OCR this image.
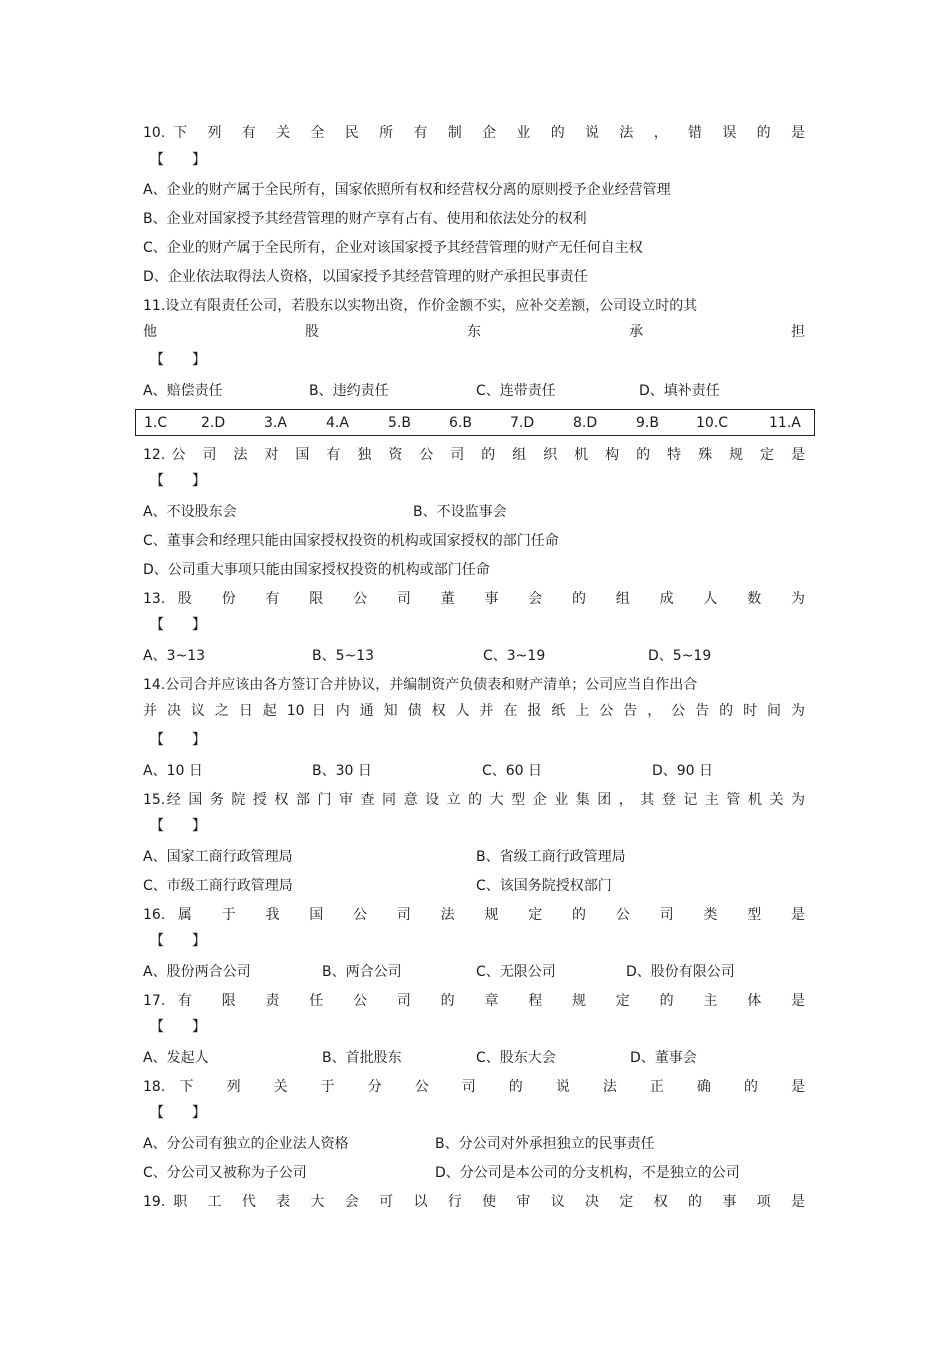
10.下 列 有 关 全 民 所 有 制 企 业 的 说 法 ， 错 误 的 是
【　　】
A、企业的财产属于全民所有，国家依照所有权和经营权分离的原则授予企业经营管理
B、企业对国家授予其经营管理的财产享有占有、使用和依法处分的权利
C、企业的财产属于全民所有，企业对该国家授予其经营管理的财产无任何自主权
D、企业依法取得法人资格，以国家授予其经营管理的财产承担民事责任
11.设立有限责任公司，若股东以实物出资，作价金额不实，应补交差额，公司设立时的其
他 股 东 承 担
【　　】
A、赔偿责任	B、违约责任	C、连带责任	D、填补责任
1.C 2.D	3.A	4.A	5.B	6.B	7.D	8.D	9.B	10.C	11.A
12.公 司 法 对 国 有 独 资 公 司 的 组 织 机 构 的 特 殊 规 定 是
【　　】
A、不设股东会	B、不设监事会
C、董事会和经理只能由国家授权投资的机构或国家授权的部门任命
D、公司重大事项只能由国家授权投资的机构或部门任命
13.股 份 有 限 公 司 董 事 会 的 组 成 人 数 为
【　　】
A、3~13	B、5~13	C、3~19	D、5~19
14.公司合并应该由各方签订合并协议，并编制资产负债表和财产清单；公司应当自作出合
并 决 议 之 日 起 10 日 内 通 知 债 权 人 并 在 报 纸 上 公 告 ， 公 告 的 时 间 为
【　　】
A、10 日	B、30 日	C、60 日	D、90 日
15.经 国 务 院 授 权 部 门 审 查 同 意 设 立 的 大 型 企 业 集 团 ， 其 登 记 主 管 机 关 为
【　　】
A、国家工商行政管理局	B、省级工商行政管理局
C、市级工商行政管理局	C、该国务院授权部门
16.属 于 我 国 公 司 法 规 定 的 公 司 类 型 是
【　　】
A、股份两合公司	B、两合公司	C、无限公司	D、股份有限公司
17.有 限 责 任 公 司 的 章 程 规 定 的 主 体 是
【　　】
A、发起人	B、首批股东	C、股东大会	D、董事会
18.下 列 关 于 分 公 司 的 说 法 正 确 的 是
【　　】
A、分公司有独立的企业法人资格	B、分公司对外承担独立的民事责任
C、分公司又被称为子公司	D、分公司是本公司的分支机构，不是独立的公司
19.职 工 代 表 大 会 可 以 行 使 审 议 决 定 权 的 事 项 是
